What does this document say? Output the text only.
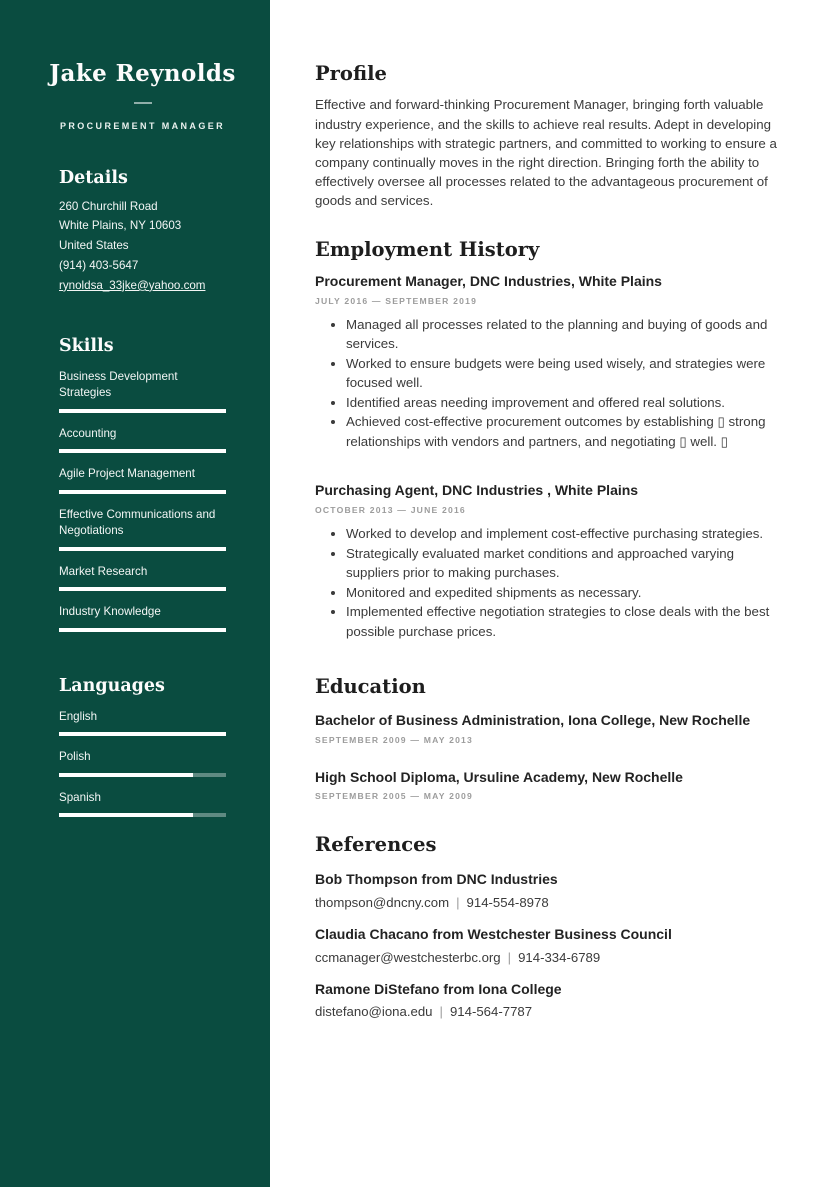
Jake Reynolds
PROCUREMENT MANAGER
Details
260 Churchill Road
White Plains, NY 10603
United States
(914) 403-5647
rynoldsa_33jke@yahoo.com
Skills
Business Development Strategies
Accounting
Agile Project Management
Effective Communications and Negotiations
Market Research
Industry Knowledge
Languages
English
Polish
Spanish
Profile

Effective and forward-thinking Procurement Manager, bringing forth valuable industry experience, and the skills to achieve real results. Adept in developing key relationships with strategic partners, and committed to working to ensure a company continually moves in the right direction. Bringing forth the ability to effectively oversee all processes related to the advantageous procurement of goods and services.

Employment History
Procurement Manager, DNC Industries, White Plains
JULY 2016 — SEPTEMBER 2019
• Managed all processes related to the planning and buying of goods and services.
• Worked to ensure budgets were being used wisely, and strategies were focused well.
• Identified areas needing improvement and offered real solutions.
• Achieved cost-effective procurement outcomes by establishing ▯ strong relationships with vendors and partners, and negotiating ▯ well. ▯
Purchasing Agent, DNC Industries , White Plains
OCTOBER 2013 — JUNE 2016
• Worked to develop and implement cost-effective purchasing strategies.
• Strategically evaluated market conditions and approached varying suppliers prior to making purchases.
• Monitored and expedited shipments as necessary.
• Implemented effective negotiation strategies to close deals with the best possible purchase prices.
Education
Bachelor of Business Administration, Iona College, New Rochelle
SEPTEMBER 2009 — MAY 2013
High School Diploma, Ursuline Academy, New Rochelle
SEPTEMBER 2005 — MAY 2009
References
Bob Thompson from DNC Industries
thompson@dncny.com | 914-554-8978
Claudia Chacano from Westchester Business Council
ccmanager@westchesterbc.org | 914-334-6789
Ramone DiStefano from Iona College
distefano@iona.edu | 914-564-7787
